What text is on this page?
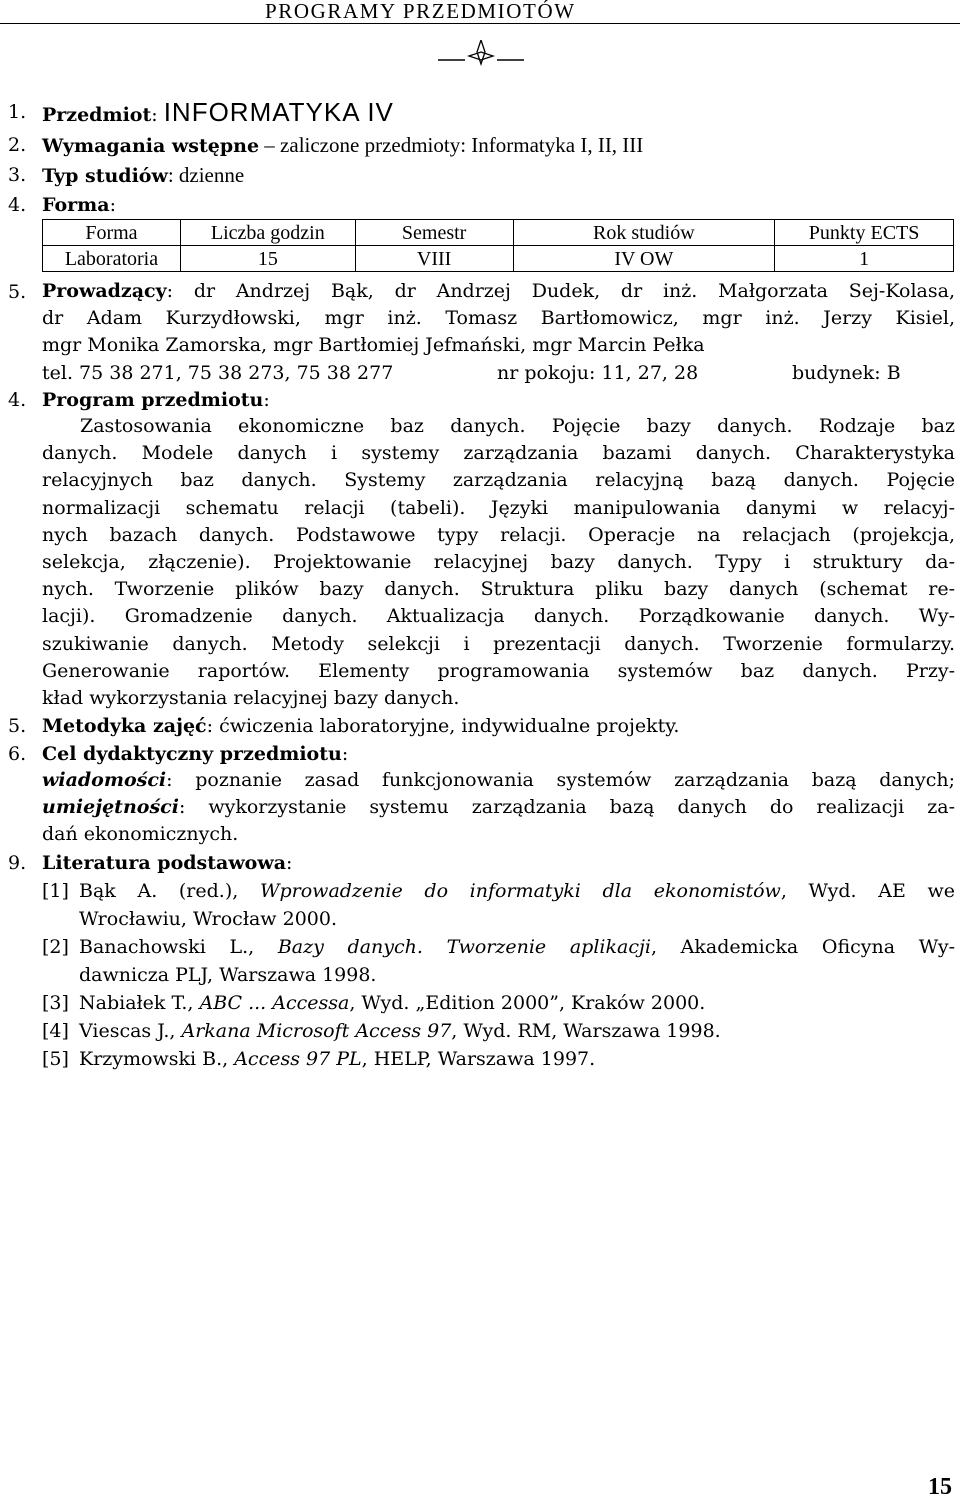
PROGRAMY PRZEDMIOTÓW
1. Przedmiot: INFORMATYKA IV
2. Wymagania wstępne – zaliczone przedmioty: Informatyka I, II, III
3. Typ studiów: dzienne
4. Forma:
Forma	Liczba godzin	Semestr	Rok studiów	Punkty ECTS
Laboratoria	15	VIII	IV OW	1
5. Prowadzący: dr Andrzej Bąk, dr Andrzej Dudek, dr inż. Małgorzata Sej-Kolasa,
dr Adam Kurzydłowski, mgr inż. Tomasz Bartłomowicz, mgr inż. Jerzy Kisiel,
mgr Monika Zamorska, mgr Bartłomiej Jefmański, mgr Marcin Pełka
tel. 75 38 271, 75 38 273, 75 38 277	nr pokoju: 11, 27, 28	budynek: B
4. Program przedmiotu:
Zastosowania ekonomiczne baz danych. Pojęcie bazy danych. Rodzaje baz
danych. Modele danych i systemy zarządzania bazami danych. Charakterystyka
relacyjnych baz danych. Systemy zarządzania relacyjną bazą danych. Pojęcie
normalizacji schematu relacji (tabeli). Języki manipulowania danymi w relacyj-
nych bazach danych. Podstawowe typy relacji. Operacje na relacjach (projekcja,
selekcja, złączenie). Projektowanie relacyjnej bazy danych. Typy i struktury da-
nych. Tworzenie plików bazy danych. Struktura pliku bazy danych (schemat re-
lacji). Gromadzenie danych. Aktualizacja danych. Porządkowanie danych. Wy-
szukiwanie danych. Metody selekcji i prezentacji danych. Tworzenie formularzy.
Generowanie raportów. Elementy programowania systemów baz danych. Przy-
kład wykorzystania relacyjnej bazy danych.
5. Metodyka zajęć: ćwiczenia laboratoryjne, indywidualne projekty.
6. Cel dydaktyczny przedmiotu:
wiadomości: poznanie zasad funkcjonowania systemów zarządzania bazą danych;
umiejętności: wykorzystanie systemu zarządzania bazą danych do realizacji za-
dań ekonomicznych.
9. Literatura podstawowa:
[1] Bąk A. (red.), Wprowadzenie do informatyki dla ekonomistów, Wyd. AE we
Wrocławiu, Wrocław 2000.
[2] Banachowski L., Bazy danych. Tworzenie aplikacji, Akademicka Oficyna Wy-
dawnicza PLJ, Warszawa 1998.
[3] Nabiałek T., ABC ... Accessa, Wyd. „Edition 2000”, Kraków 2000.
[4] Viescas J., Arkana Microsoft Access 97, Wyd. RM, Warszawa 1998.
[5] Krzymowski B., Access 97 PL, HELP, Warszawa 1997.
15
